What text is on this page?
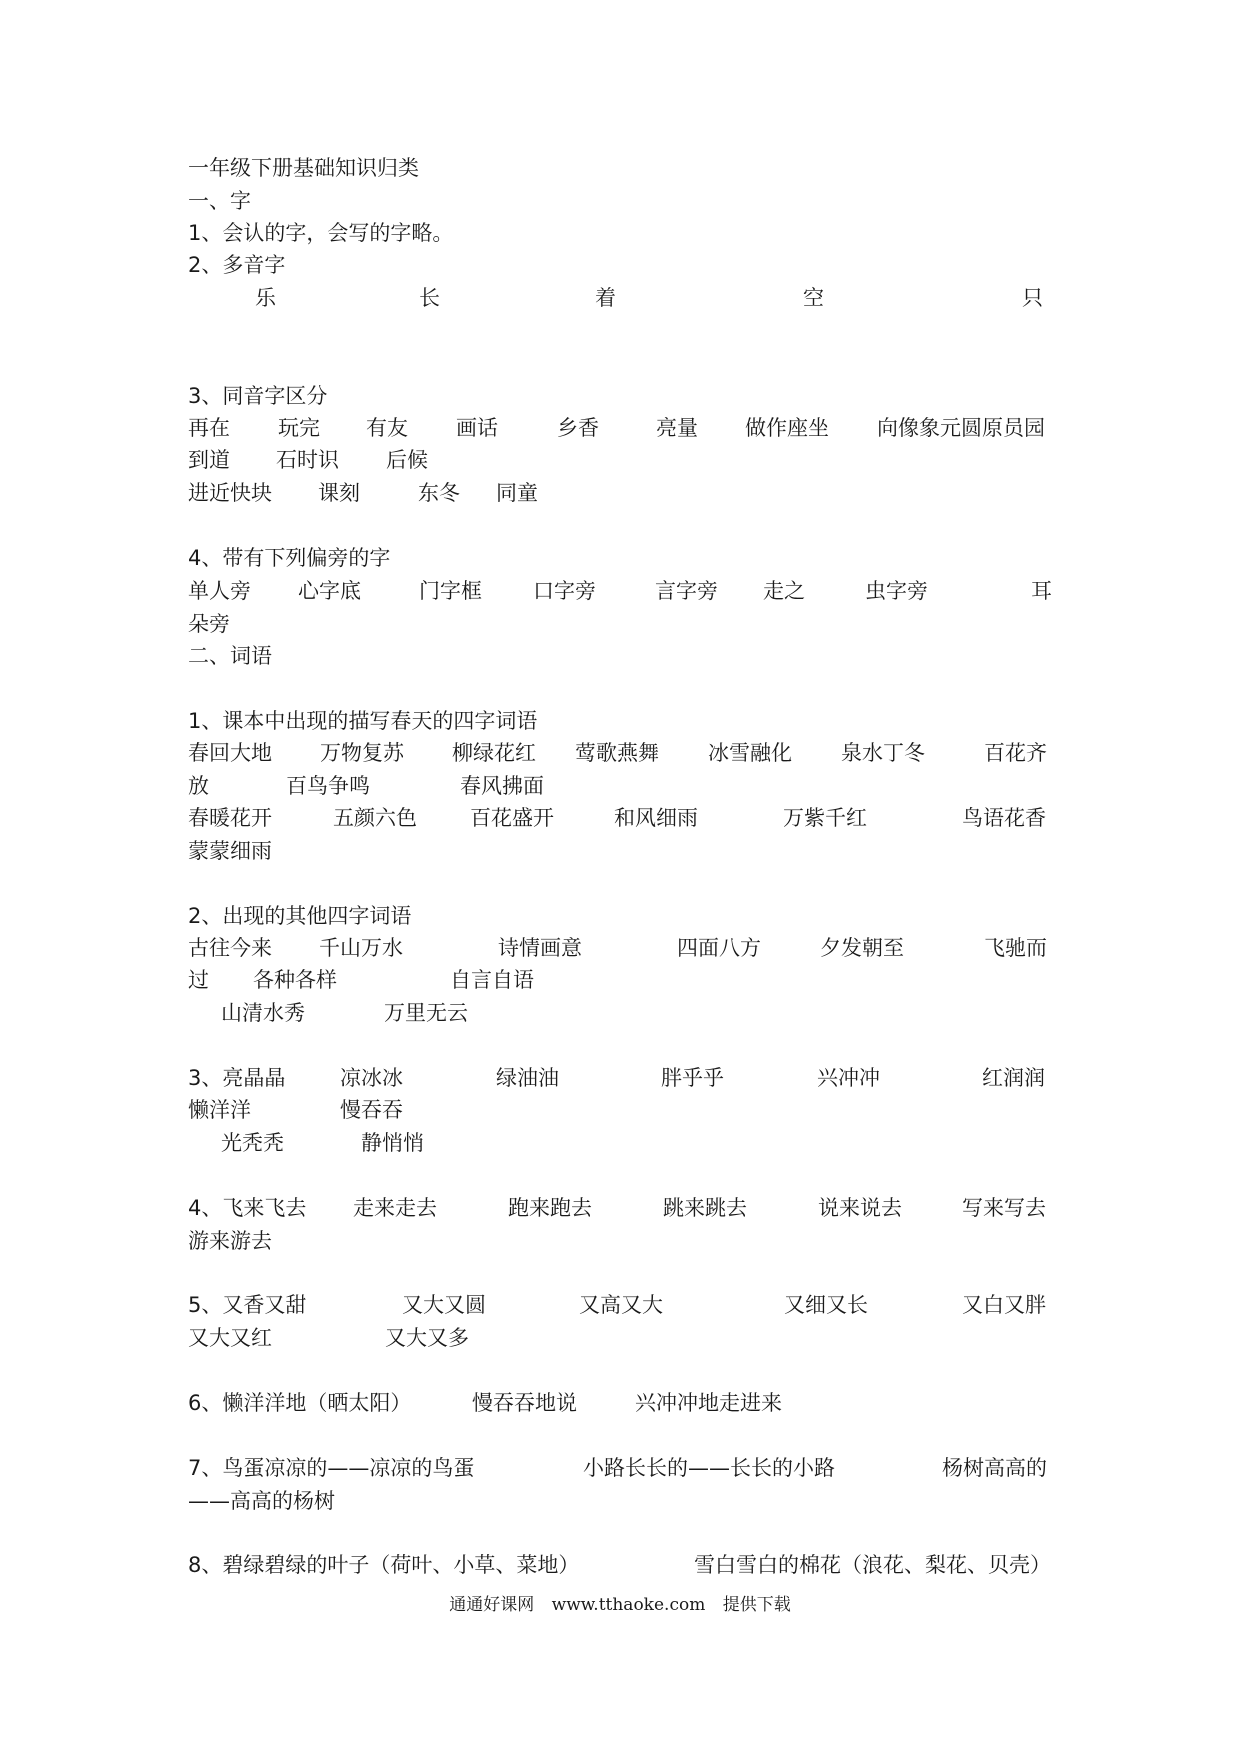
一年级下册基础知识归类
一、字
1、会认的字，会写的字略。
2、多音字
乐	长	着	空	只
3、同音字区分
再在 玩完 有友 画话	乡香	亮量 做作座坐 向像象元圆原员园
到道 石时识 后候
进近快块 课刻	东冬 同童
4、带有下列偏旁的字
单人旁 心字底	门字框 口字旁	言字旁 走之	虫字旁	耳
朵旁
二、词语
1、课本中出现的描写春天的四字词语
春回大地 万物复苏 柳绿花红 莺歌燕舞 冰雪融化 泉水丁冬	百花齐
放	百鸟争鸣	春风拂面
春暖花开	五颜六色	百花盛开	和风细雨	万紫千红	鸟语花香
蒙蒙细雨
2、出现的其他四字词语
古往今来 千山万水	诗情画意	四面八方	夕发朝至	飞驰而
过 各种各样	自言自语
山清水秀	万里无云
3、亮晶晶	凉冰冰	绿油油	胖乎乎	兴冲冲	红润润
懒洋洋	慢吞吞
光秃秃	静悄悄
4、飞来飞去 走来走去	跑来跑去	跳来跳去	说来说去	写来写去
游来游去
5、又香又甜	又大又圆	又高又大	又细又长	又白又胖
又大又红	又大又多
6、懒洋洋地（晒太阳）	慢吞吞地说	兴冲冲地走进来
7、鸟蛋凉凉的——凉凉的鸟蛋	小路长长的——长长的小路	杨树高高的
——高高的杨树
8、碧绿碧绿的叶子（荷叶、小草、菜地）	雪白雪白的棉花（浪花、梨花、贝壳）
通通好课网 www.tthaoke.com 提供下载
